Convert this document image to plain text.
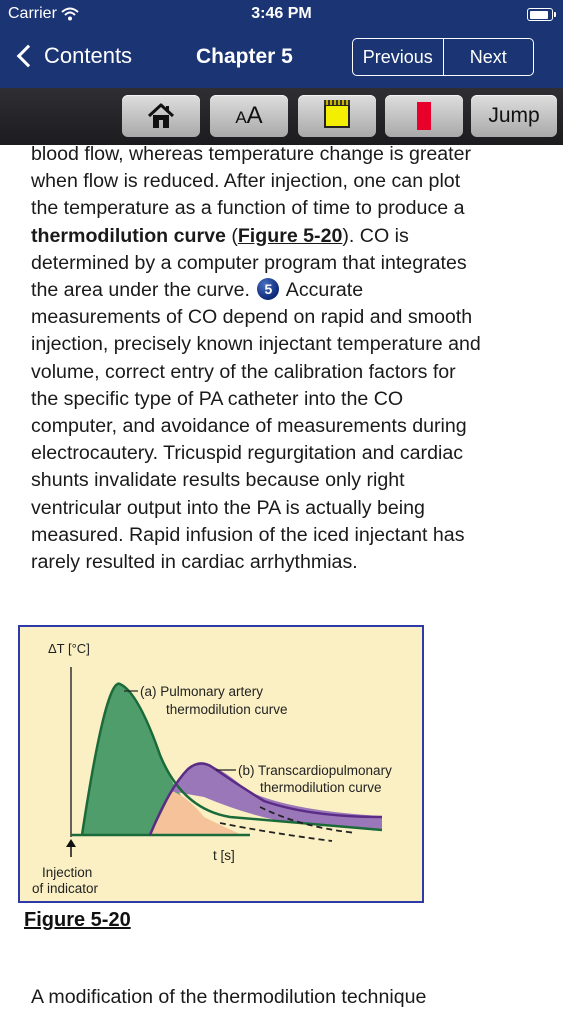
Carrier	3:46 PM
Contents	Chapter 5	Previous	Next
AA	Jump

blood flow, whereas temperature change is greater

when flow is reduced. After injection, one can plot

the temperature as a function of time to produce a

thermodilution curve (Figure 5-20). CO is

determined by a computer program that integrates

the area under the curve. 5 Accurate

measurements of CO depend on rapid and smooth

injection, precisely known injectant temperature and

volume, correct entry of the calibration factors for

the specific type of PA catheter into the CO

computer, and avoidance of measurements during

electrocautery. Tricuspid regurgitation and cardiac

shunts invalidate results because only right

ventricular output into the PA is actually being

measured. Rapid infusion of the iced injectant has

rarely resulted in cardiac arrhythmias.

ΔT [°C]
(a) Pulmonary artery
thermodilution curve
(b) Transcardiopulmonary
thermodilution curve
t [s]
Injection
of indicator
Figure 5-20
A modification of the thermodilution technique
